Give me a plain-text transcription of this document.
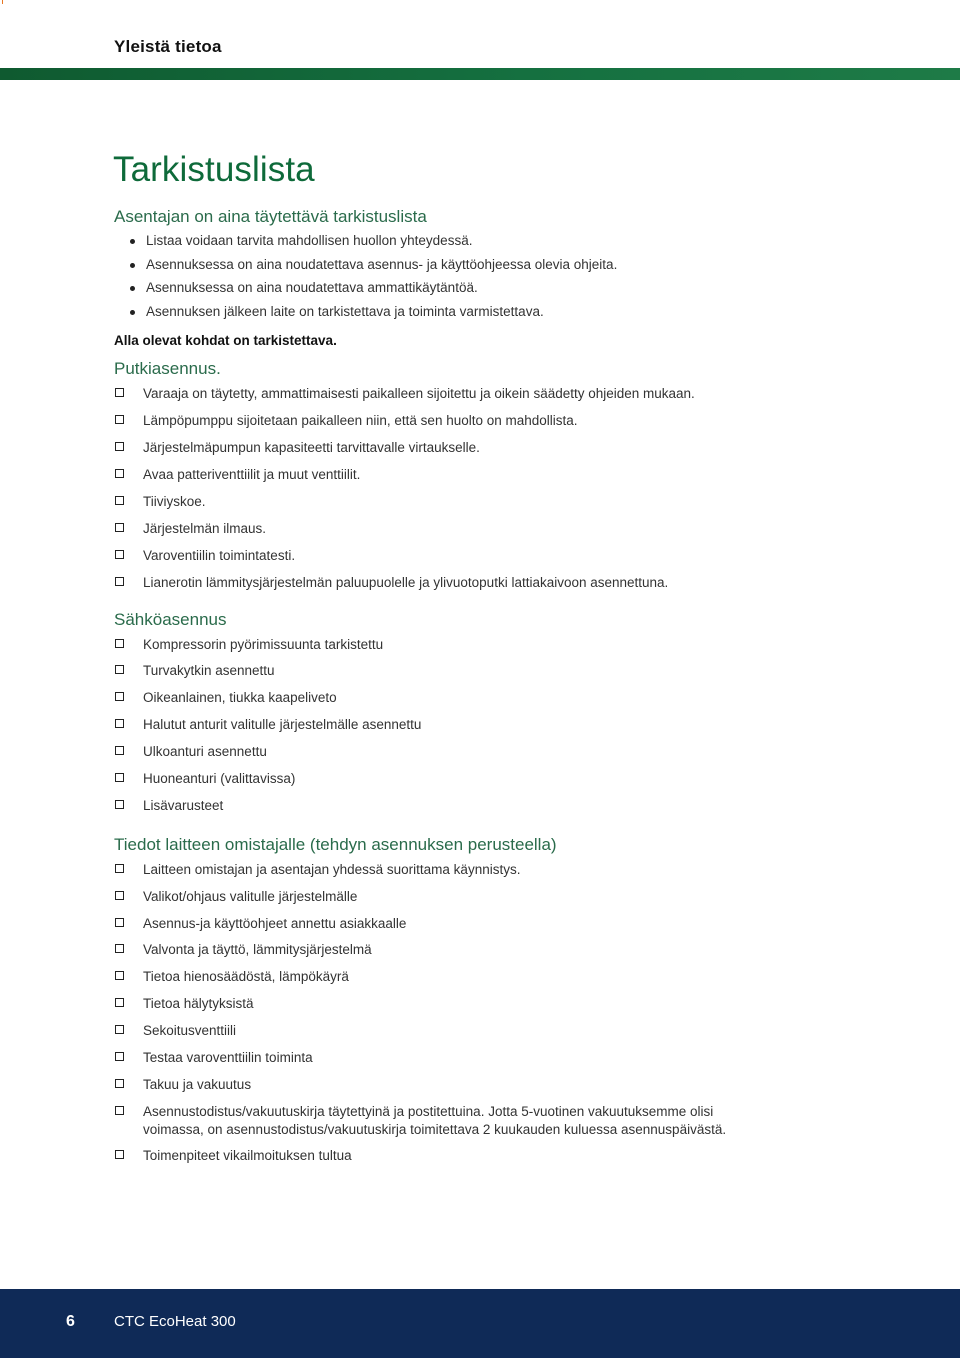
Yleistä tietoa
Tarkistuslista
Asentajan on aina täytettävä tarkistuslista
Listaa voidaan tarvita mahdollisen huollon yhteydessä.
Asennuksessa on aina noudatettava asennus- ja käyttöohjeessa olevia ohjeita.
Asennuksessa on aina noudatettava ammattikäytäntöä.
Asennuksen jälkeen laite on tarkistettava ja toiminta varmistettava.
Alla olevat kohdat on tarkistettava.
Putkiasennus.
Varaaja on täytetty, ammattimaisesti paikalleen sijoitettu ja oikein säädetty ohjeiden mukaan.
Lämpöpumppu sijoitetaan paikalleen niin, että sen huolto on mahdollista.
Järjestelmäpumpun kapasiteetti tarvittavalle virtaukselle.
Avaa patteriventtiilit ja muut venttiilit.
Tiiviyskoe.
Järjestelmän ilmaus.
Varoventiilin toimintatesti.
Lianerotin lämmitysjärjestelmän paluupuolelle ja ylivuotoputki lattiakaivoon asennettuna.
Sähköasennus
Kompressorin pyörimissuunta tarkistettu
Turvakytkin asennettu
Oikeanlainen, tiukka kaapeliveto
Halutut anturit valitulle järjestelmälle asennettu
Ulkoanturi asennettu
Huoneanturi (valittavissa)
Lisävarusteet
Tiedot laitteen omistajalle (tehdyn asennuksen perusteella)
Laitteen omistajan ja asentajan yhdessä suorittama käynnistys.
Valikot/ohjaus valitulle järjestelmälle
Asennus-ja käyttöohjeet annettu asiakkaalle
Valvonta ja täyttö, lämmitysjärjestelmä
Tietoa hienosäädöstä, lämpökäyrä
Tietoa hälytyksistä
Sekoitusventtiili
Testaa varoventtiilin toiminta
Takuu ja vakuutus
Asennustodistus/vakuutuskirja täytettyinä ja postitettuina. Jotta 5-vuotinen vakuutuksemme olisi voimassa, on asennustodistus/vakuutuskirja toimitettava 2 kuukauden kuluessa asennuspäivästä.
Toimenpiteet vikailmoituksen tultua
6	CTC EcoHeat 300
